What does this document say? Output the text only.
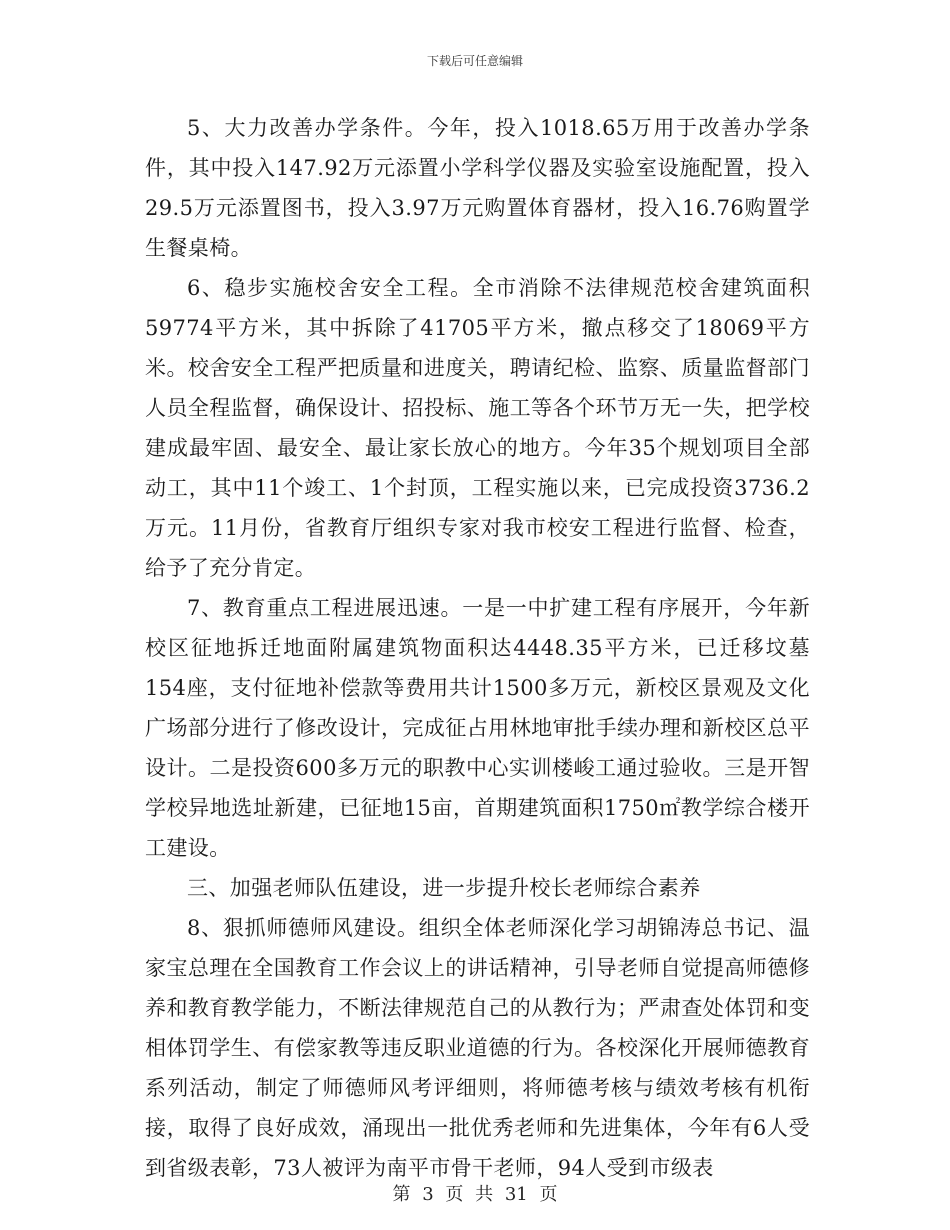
下载后可任意编辑

5、大力改善办学条件。今年，投入1018.65万用于改善办学条件，其中投入147.92万元添置小学科学仪器及实验室设施配置，投入29.5万元添置图书，投入3.97万元购置体育器材，投入16.76购置学生餐桌椅。

6、稳步实施校舍安全工程。全市消除不法律规范校舍建筑面积59774平方米，其中拆除了41705平方米，撤点移交了18069平方米。校舍安全工程严把质量和进度关，聘请纪检、监察、质量监督部门人员全程监督，确保设计、招投标、施工等各个环节万无一失，把学校建成最牢固、最安全、最让家长放心的地方。今年35个规划项目全部动工，其中11个竣工、1个封顶，工程实施以来，已完成投资3736.2万元。11月份，省教育厅组织专家对我市校安工程进行监督、检查，给予了充分肯定。

7、教育重点工程进展迅速。一是一中扩建工程有序展开，今年新校区征地拆迁地面附属建筑物面积达4448.35平方米，已迁移坟墓154座，支付征地补偿款等费用共计1500多万元，新校区景观及文化广场部分进行了修改设计，完成征占用林地审批手续办理和新校区总平设计。二是投资600多万元的职教中心实训楼峻工通过验收。三是开智学校异地选址新建，已征地15亩，首期建筑面积1750㎡教学综合楼开工建设。

三、加强老师队伍建设，进一步提升校长老师综合素养

8、狠抓师德师风建设。组织全体老师深化学习胡锦涛总书记、温家宝总理在全国教育工作会议上的讲话精神，引导老师自觉提高师德修养和教育教学能力，不断法律规范自己的从教行为；严肃查处体罚和变相体罚学生、有偿家教等违反职业道德的行为。各校深化开展师德教育系列活动，制定了师德师风考评细则，将师德考核与绩效考核有机衔接，取得了良好成效，涌现出一批优秀老师和先进集体，今年有6人受到省级表彰，73人被评为南平市骨干老师，94人受到市级表

第 3 页 共 31 页
